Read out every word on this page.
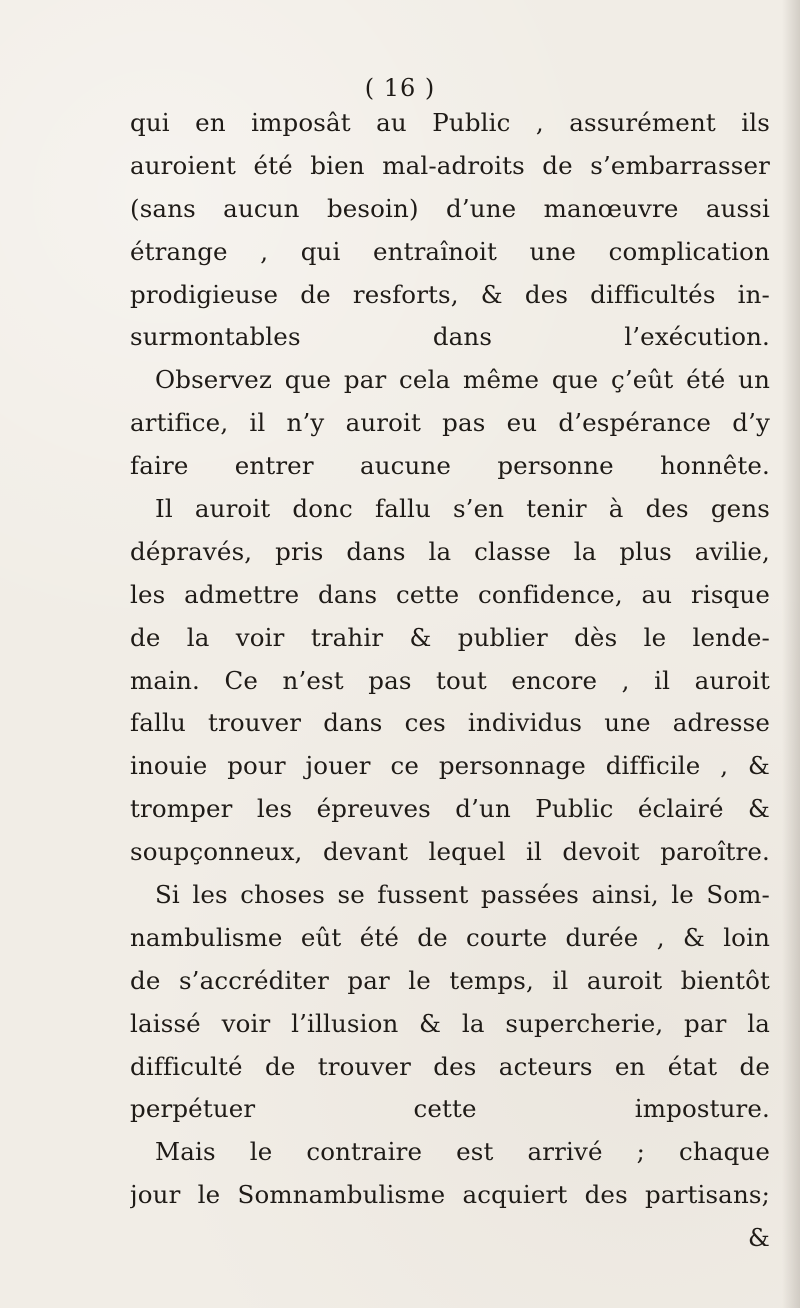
( 16 )
qui en imposât au Public , assurément ils
auroient été bien mal-adroits de s’embarrasser
(sans aucun besoin) d’une manœuvre aussi
étrange , qui entraînoit une complication
prodigieuse de resforts, & des difficultés in-
surmontables dans l’exécution.
Observez que par cela même que ç’eût été un
artifice, il n’y auroit pas eu d’espérance d’y
faire entrer aucune personne honnête.
Il auroit donc fallu s’en tenir à des gens
dépravés, pris dans la classe la plus avilie,
les admettre dans cette confidence, au risque
de la voir trahir & publier dès le lende-
main. Ce n’est pas tout encore , il auroit
fallu trouver dans ces individus une adresse
inouie pour jouer ce personnage difficile , &
tromper les épreuves d’un Public éclairé &
soupçonneux, devant lequel il devoit paroître.
Si les choses se fussent passées ainsi, le Som-
nambulisme eût été de courte durée , & loin
de s’accréditer par le temps, il auroit bientôt
laissé voir l’illusion & la supercherie, par la
difficulté de trouver des acteurs en état de
perpétuer cette imposture.
Mais le contraire est arrivé ; chaque
jour le Somnambulisme acquiert des partisans;
&
